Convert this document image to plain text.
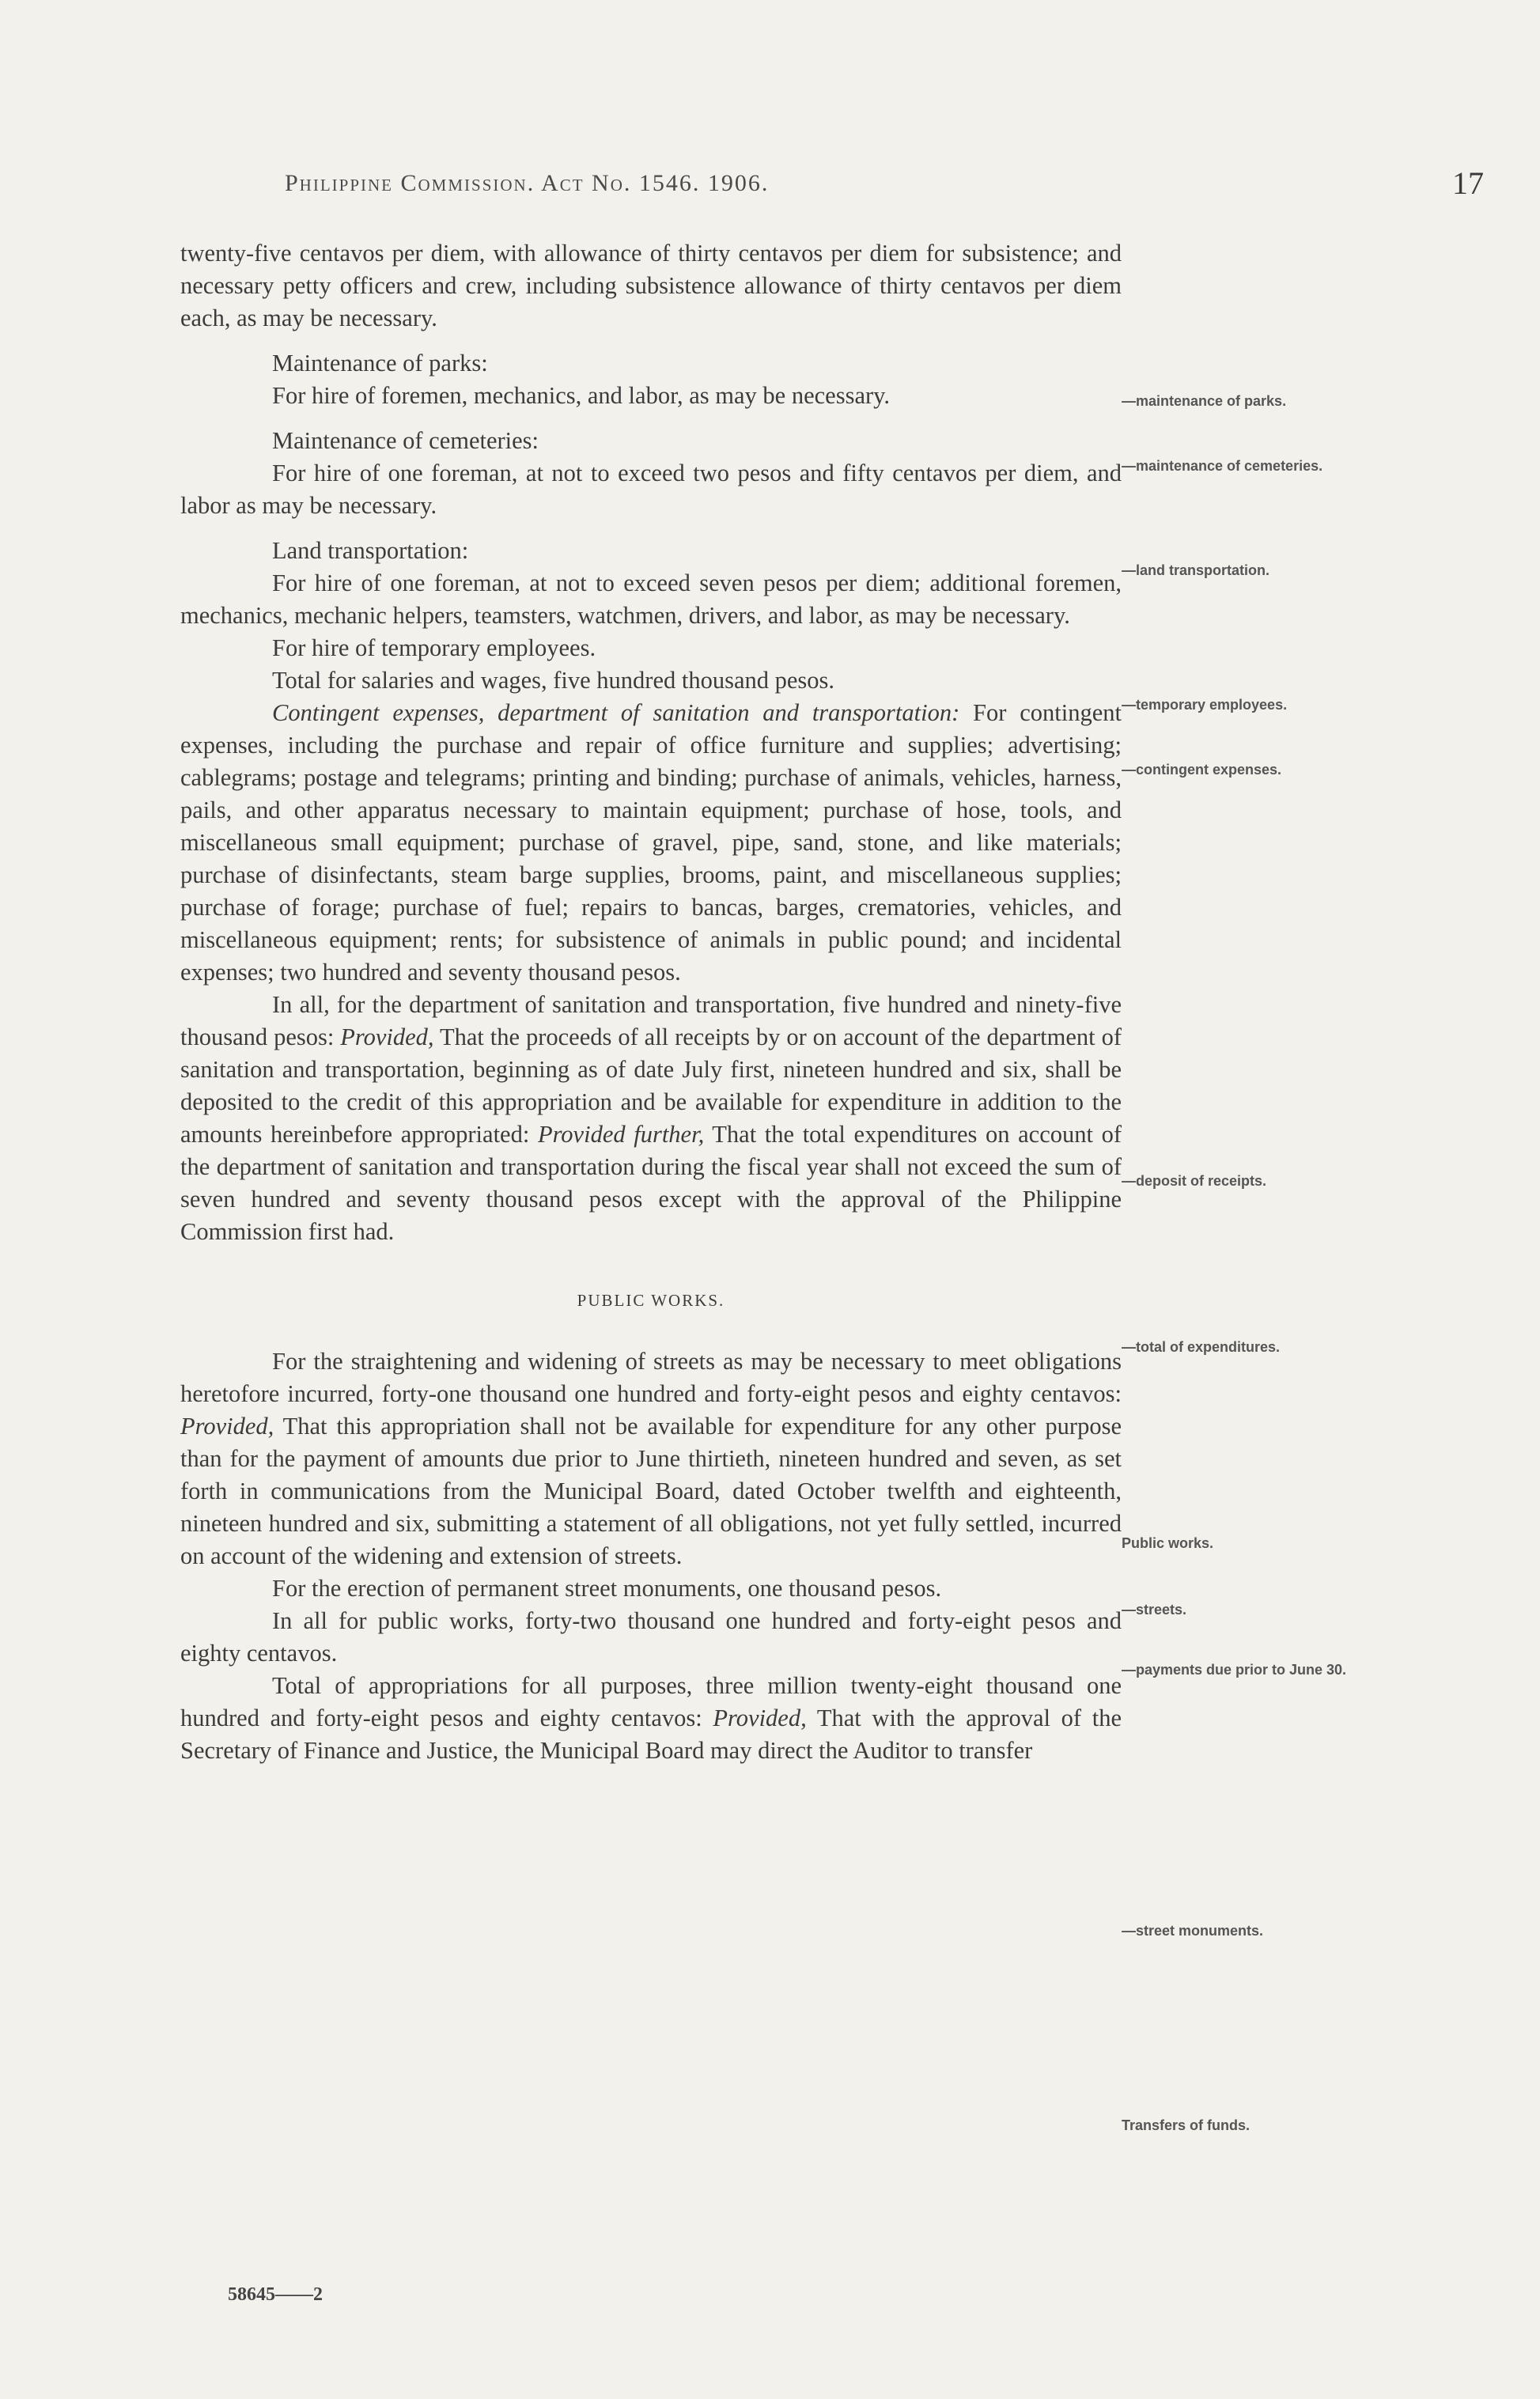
Philippine Commission. Act No. 1546. 1906.	17

twenty-five centavos per diem, with allowance of thirty centavos per diem for subsistence; and necessary petty officers and crew, including subsistence allowance of thirty centavos per diem each, as may be necessary.

Maintenance of parks:

For hire of foremen, mechanics, and labor, as may be necessary.

Maintenance of cemeteries:

For hire of one foreman, at not to exceed two pesos and fifty centavos per diem, and labor as may be necessary.

Land transportation:

For hire of one foreman, at not to exceed seven pesos per diem; additional foremen, mechanics, mechanic helpers, teamsters, watchmen, drivers, and labor, as may be necessary.

For hire of temporary employees.

Total for salaries and wages, five hundred thousand pesos.

Contingent expenses, department of sanitation and transportation: For contingent expenses, including the purchase and repair of office furniture and supplies; advertising; cablegrams; postage and telegrams; printing and binding; purchase of animals, vehicles, harness, pails, and other apparatus necessary to maintain equipment; purchase of hose, tools, and miscellaneous small equipment; purchase of gravel, pipe, sand, stone, and like materials; purchase of disinfectants, steam barge supplies, brooms, paint, and miscellaneous supplies; purchase of forage; purchase of fuel; repairs to bancas, barges, crematories, vehicles, and miscellaneous equipment; rents; for subsistence of animals in public pound; and incidental expenses; two hundred and seventy thousand pesos.

In all, for the department of sanitation and transportation, five hundred and ninety-five thousand pesos: Provided, That the proceeds of all receipts by or on account of the department of sanitation and transportation, beginning as of date July first, nineteen hundred and six, shall be deposited to the credit of this appropriation and be available for expenditure in addition to the amounts hereinbefore appropriated: Provided further, That the total expenditures on account of the department of sanitation and transportation during the fiscal year shall not exceed the sum of seven hundred and seventy thousand pesos except with the approval of the Philippine Commission first had.

PUBLIC WORKS.

For the straightening and widening of streets as may be necessary to meet obligations heretofore incurred, forty-one thousand one hundred and forty-eight pesos and eighty centavos: Provided, That this appropriation shall not be available for expenditure for any other purpose than for the payment of amounts due prior to June thirtieth, nineteen hundred and seven, as set forth in communications from the Municipal Board, dated October twelfth and eighteenth, nineteen hundred and six, submitting a statement of all obligations, not yet fully settled, incurred on account of the widening and extension of streets.

For the erection of permanent street monuments, one thousand pesos.

In all for public works, forty-two thousand one hundred and forty-eight pesos and eighty centavos.

Total of appropriations for all purposes, three million twenty-eight thousand one hundred and forty-eight pesos and eighty centavos: Provided, That with the approval of the Secretary of Finance and Justice, the Municipal Board may direct the Auditor to transfer

—maintenance of parks.
—maintenance of cemeteries.
—land transportation.
—temporary employees.
—contingent expenses.
—deposit of receipts.
—total of expenditures.
Public works.
—streets.
—payments due prior to June 30.
—street monuments.
Transfers of funds.
58645——2
